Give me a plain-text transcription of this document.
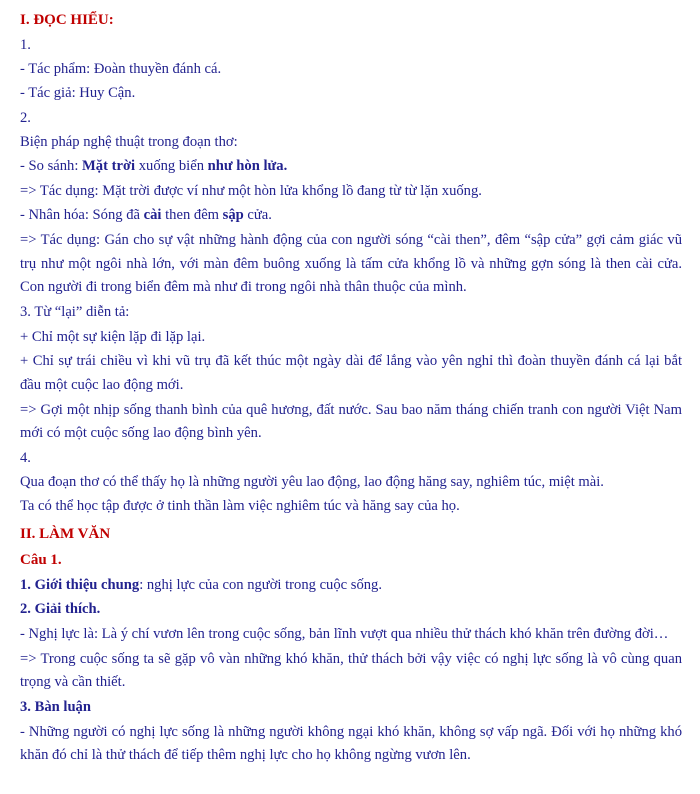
I. ĐỌC HIỂU:
1.
- Tác phẩm: Đoàn thuyền đánh cá.
- Tác giả: Huy Cận.
2.
Biện pháp nghệ thuật trong đoạn thơ:
- So sánh: Mặt trời xuống biển như hòn lửa.
=> Tác dụng: Mặt trời được ví như một hòn lửa khổng lồ đang từ từ lặn xuống.
- Nhân hóa: Sóng đã cài then đêm sập cửa.
=> Tác dụng: Gán cho sự vật những hành động của con người sóng “cài then”, đêm “sập cửa” gợi cảm giác vũ trụ như một ngôi nhà lớn, với màn đêm buông xuống là tấm cửa khổng lồ và những gợn sóng là then cài cửa. Con người đi trong biển đêm mà như đi trong ngôi nhà thân thuộc của mình.
3. Từ “lại” diễn tả:
+ Chỉ một sự kiện lặp đi lặp lại.
+ Chỉ sự trái chiều vì khi vũ trụ đã kết thúc một ngày dài để lắng vào yên nghỉ thì đoàn thuyền đánh cá lại bắt đầu một cuộc lao động mới.
=> Gợi một nhịp sống thanh bình của quê hương, đất nước. Sau bao năm tháng chiến tranh con người Việt Nam mới có một cuộc sống lao động bình yên.
4.
Qua đoạn thơ có thể thấy họ là những người yêu lao động, lao động hăng say, nghiêm túc, miệt mài.
Ta có thể học tập được ở tinh thần làm việc nghiêm túc và hăng say của họ.
II. LÀM VĂN
Câu 1.
1. Giới thiệu chung: nghị lực của con người trong cuộc sống.
2. Giải thích.
- Nghị lực là: Là ý chí vươn lên trong cuộc sống, bản lĩnh vượt qua nhiều thử thách khó khăn trên đường đời…
=> Trong cuộc sống ta sẽ gặp vô vàn những khó khăn, thử thách bởi vậy việc có nghị lực sống là vô cùng quan trọng và cần thiết.
3. Bàn luận
- Những người có nghị lực sống là những người không ngại khó khăn, không sợ vấp ngã. Đối với họ những khó khăn đó chỉ là thử thách để tiếp thêm nghị lực cho họ không ngừng vươn lên.
